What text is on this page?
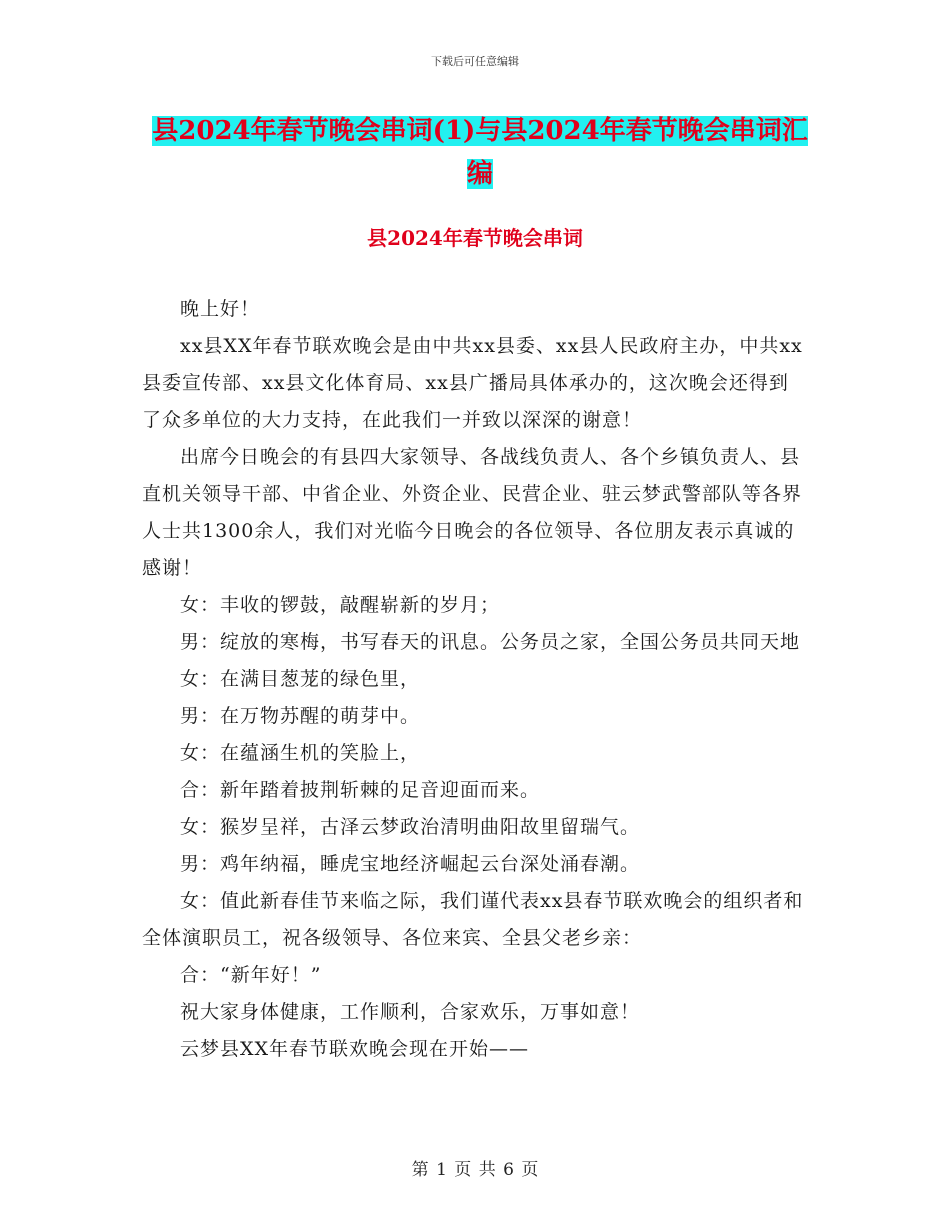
下载后可任意编辑
县2024年春节晚会串词(1)与县2024年春节晚会串词汇编
县2024年春节晚会串词

晚上好！

xx县XX年春节联欢晚会是由中共xx县委、xx县人民政府主办，中共xx县委宣传部、xx县文化体育局、xx县广播局具体承办的，这次晚会还得到了众多单位的大力支持，在此我们一并致以深深的谢意！

出席今日晚会的有县四大家领导、各战线负责人、各个乡镇负责人、县直机关领导干部、中省企业、外资企业、民营企业、驻云梦武警部队等各界人士共1300余人，我们对光临今日晚会的各位领导、各位朋友表示真诚的感谢！

女：丰收的锣鼓，敲醒崭新的岁月；

男：绽放的寒梅，书写春天的讯息。公务员之家，全国公务员共同天地

女：在满目葱茏的绿色里，

男：在万物苏醒的萌芽中。

女：在蕴涵生机的笑脸上，

合：新年踏着披荆斩棘的足音迎面而来。

女：猴岁呈祥，古泽云梦政治清明曲阳故里留瑞气。

男：鸡年纳福，睡虎宝地经济崛起云台深处涌春潮。

女：值此新春佳节来临之际，我们谨代表xx县春节联欢晚会的组织者和全体演职员工，祝各级领导、各位来宾、全县父老乡亲：

合：“新年好！”

祝大家身体健康，工作顺利，合家欢乐，万事如意！

云梦县XX年春节联欢晚会现在开始——

第 1 页 共 6 页
